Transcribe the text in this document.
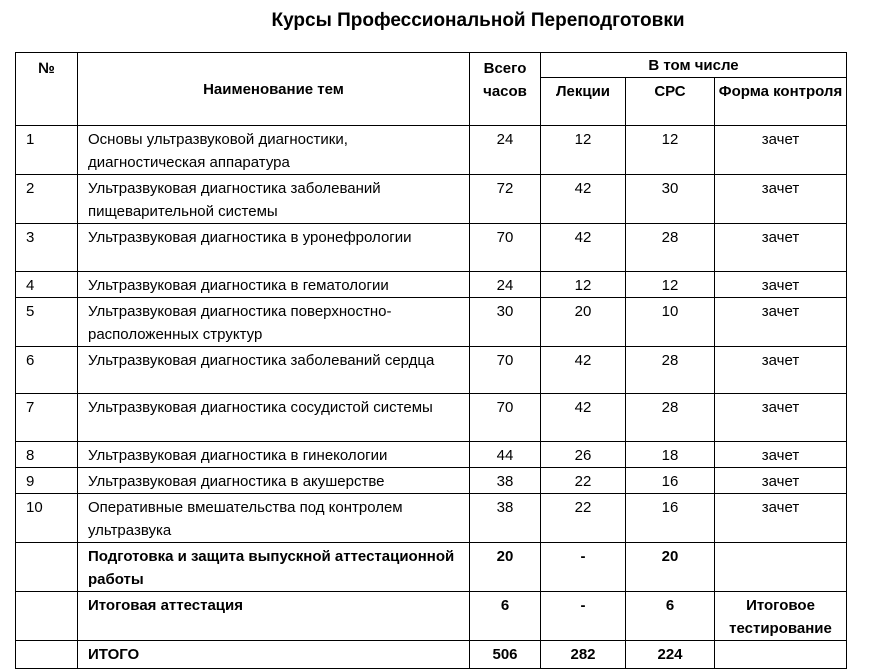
Курсы Профессиональной Переподготовки
№	Наименование тем	Всего часов	В том числе		
			Лекции	СРС	Форма контроля
1	Основы ультразвуковой диагностики, диагностическая аппаратура	24	12	12	зачет
2	Ультразвуковая диагностика заболеваний пищеварительной системы	72	42	30	зачет
3	Ультразвуковая диагностика в уронефрологии	70	42	28	зачет
4	Ультразвуковая диагностика в гематологии	24	12	12	зачет
5	Ультразвуковая диагностика поверхностно-расположенных структур	30	20	10	зачет
6	Ультразвуковая диагностика заболеваний сердца	70	42	28	зачет
7	Ультразвуковая диагностика сосудистой системы	70	42	28	зачет
8	Ультразвуковая диагностика в гинекологии	44	26	18	зачет
9	Ультразвуковая диагностика в акушерстве	38	22	16	зачет
10	Оперативные вмешательства под контролем ультразвука	38	22	16	зачет
	Подготовка и защита выпускной аттестационной работы	20	-	20	
	Итоговая аттестация	6	-	6	Итоговое тестирование
	ИТОГО	506	282	224	
